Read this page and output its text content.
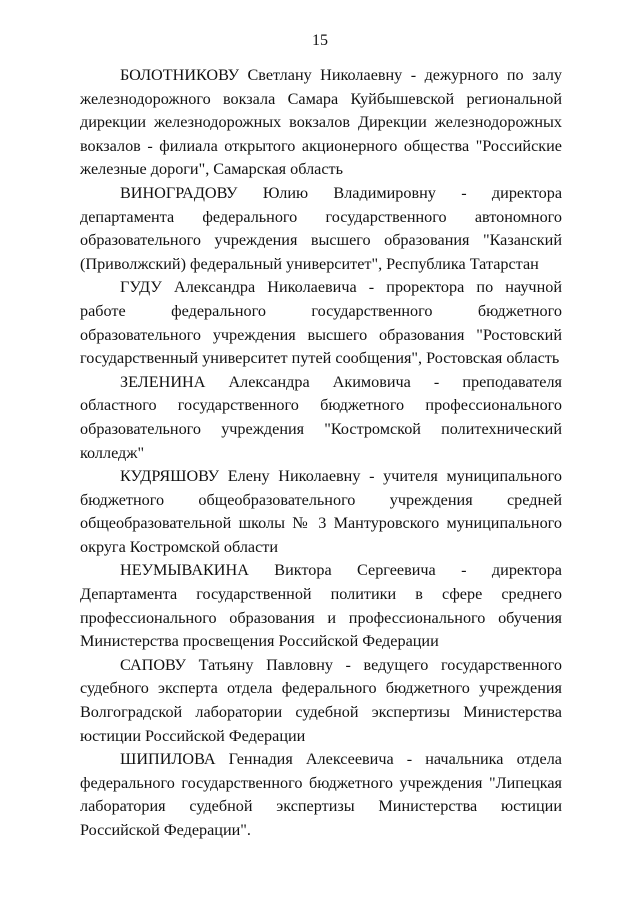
15

БОЛОТНИКОВУ Светлану Николаевну - дежурного по залу железнодорожного вокзала Самара Куйбышевской региональной дирекции железнодорожных вокзалов Дирекции железнодорожных вокзалов - филиала открытого акционерного общества "Российские железные дороги", Самарская область

ВИНОГРАДОВУ Юлию Владимировну - директора департамента федерального государственного автономного образовательного учреждения высшего образования "Казанский (Приволжский) федеральный университет", Республика Татарстан

ГУДУ Александра Николаевича - проректора по научной работе федерального государственного бюджетного образовательного учреждения высшего образования "Ростовский государственный университет путей сообщения", Ростовская область

ЗЕЛЕНИНА Александра Акимовича - преподавателя областного государственного бюджетного профессионального образовательного учреждения "Костромской политехнический колледж"

КУДРЯШОВУ Елену Николаевну - учителя муниципального бюджетного общеобразовательного учреждения средней общеобразовательной школы № 3 Мантуровского муниципального округа Костромской области

НЕУМЫВАКИНА Виктора Сергеевича - директора Департамента государственной политики в сфере среднего профессионального образования и профессионального обучения Министерства просвещения Российской Федерации

САПОВУ Татьяну Павловну - ведущего государственного судебного эксперта отдела федерального бюджетного учреждения Волгоградской лаборатории судебной экспертизы Министерства юстиции Российской Федерации

ШИПИЛОВА Геннадия Алексеевича - начальника отдела федерального государственного бюджетного учреждения "Липецкая лаборатория судебной экспертизы Министерства юстиции Российской Федерации".
